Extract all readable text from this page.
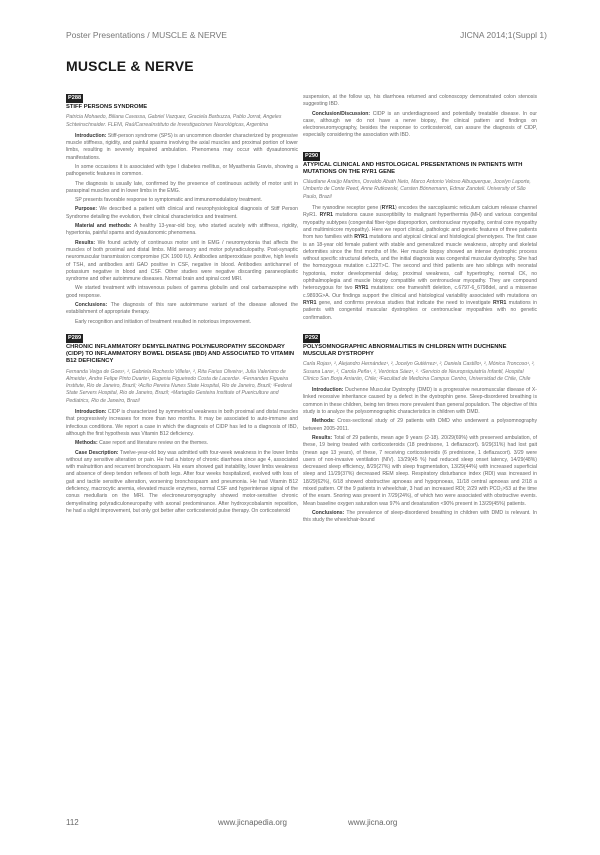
Poster Presentations / MUSCLE & NERVE	JICNA 2014;1(Suppl 1)
MUSCLE & NERVE
P288
STIFF PERSONS SYNDROME
Patricia Mohaedo, Biliana Cavassa, Gabriel Vazquez, Graciela Barbuzza, Pablo Jorrat, Angeles Schteinschnaider. FLENI, RaúlCarreaInstituto de Investigaciones Neurológicas, Argentina

Introduction: Stiff-person syndrome (SPS) is an uncommon disorder characterized by progressive muscle stiffness, rigidity, and painful spasms involving the axial muscles and proximal portion of lower limbs, resulting in severely impaired ambulation. Phenomena may occur with dysautonomic manifestations.

In some occasions it is associated with type I diabetes mellitus, or Myasthenia Gravis, showing a pathogenetic features in common.

The diagnosis is usually late, confirmed by the presence of continuous activity of motor unit in paraspinal muscles and in lower limbs in the EMG.

SP presents favorable response to symptomatic and immunomodulatory treatment.

Purpose: We described a patient with clinical and neurophysiological diagnosis of Stiff Person Syndrome detailing the evolution, their clinical characteristics and treatment.

Material and methods: A healthy 13-year-old boy, who started acutely with stiffness, rigidity, hypertonia, painful spams and dysautonomic phenomena.

Results: We found activity of continuous motor unit in EMG / neuromyotonia that affects the muscles of both proximal and distal limbs. Mild sensory and motor polyradiculopathy. Post-synaptic neuromuscular transmission compromise (CK 1900 IU). Antibodies antiperoxidase positive, high levels of TSH, and antibodies anti GAD positive in CSF, negative in blood. Antibodies antichannel of potassium negative in blood and CSF. Other studies were negative discarding paraneoplastic syndrome and other autoimmune diseases. Normal brain and spinal cord MRI.

We started treatment with intravenous pulses of gamma globulin and oral carbamazepine with good response.

Conclusions: The diagnosis of this rare autoimmune variant of the disease allowed the establishment of appropriate therapy.

Early recognition and initiation of treatment resulted in notorious improvement.

P289
CHRONIC INFLAMMATORY DEMYELINATING POLYNEUROPATHY SECONDARY (CIDP) TO INFLAMMATORY BOWEL DISEASE (IBD) AND ASSOCIATED TO VITAMIN B12 DEFICIENCY
Fernanda Veiga de Goes¹, ², Gabriela Rocheslo Villela¹, ², Rita Farias Oliveira¹, Julia Valeriano de Almeida¹, Andre Felipe Pinto Duarte¹, Eugenia Figueiredo Costa de Lacerda¹. ¹Fernandes Figueira Institute, Rio de Janeiro, Brazil; ²Acilio Pereira Nunes State Hospital, Rio de Janeiro, Brazil; ³Federal State Servers Hospital, Rio de Janeiro, Brazil; ⁴Martagão Gesteira Institute of Puericulture and Pediatrics, Rio de Janeiro, Brazil

Introduction: CIDP is characterized by symmetrical weakness in both proximal and distal muscles that progressively increases for more than two months. It may be associated to auto-immune and infectious conditions. We report a case in which the diagnosis of CIDP has led to a diagnosis of IBD, although the first hypothesis was Vitamin B12 deficiency.

Methods: Case report and literature review on the themes.

Case Description: Twelve-year-old boy was admitted with four-week weakness in the lower limbs without any sensitive alteration or pain. He had a history of chronic diarrhoea since age 4, associated with malnutrition and recurrent bronchospasm. His exam showed gait instability, lower limbs weakness and absence of deep tendon reflexes of both legs. After four weeks hospitalized, evolved with loss of gait and tactile sensitive alteration, worsening bronchospasm and pneumonia. He had Vitamin B12 deficiency, macrocytic anemia, elevated muscle enzymes, normal CSF and hyperintense signal of the conus medullaris on the MRI. The electroneuromyography showed motor-sensitive chronic demyelinating polyradiculoneuropathy with axonal predominance. After hydroxycobalamin reposition, he had a slight improvement, but only got better after corticosteroid pulse therapy. On corticosteroid

suspension, at the follow up, his diarrhoea returned and colonoscopy demonstrated colon stenosis suggesting IBD.

Conclusion/Discussion: CIDP is an underdiagnosed and potentially treatable disease. In our case, although we do not have a nerve biopsy, the clinical pattern and findings on electroneuromyography, besides the response to corticosteroid, can assure the diagnosis of CIDP, especially considering the association with IBD.

P290
ATYPICAL CLINICAL AND HISTOLOGICAL PRESENTATIONS IN PATIENTS WITH MUTATIONS ON THE RYR1 GENE
Cláudiane Araújo Martins, Osvaldo Abath Neto, Marco Antonio Veloso Albuquerque, Jocelyn Laporte, Umberto de Conte Reed, Anne Rutkowski, Carsten Bönnemann, Edmar Zanoteli. University of São Paulo, Brazil

The ryanodine receptor gene (RYR1) encodes the sarcoplasmic reticulum calcium release channel RyR1. RYR1 mutations cause susceptibility to malignant hyperthermia (MH) and various congenital myopathy subtypes (congenital fiber-type disproportion, centronuclear myopathy, central core myopathy and multiminicore myopathy). Here we report clinical, pathologic and genetic features of three patients from two families with RYR1 mutations and atypical clinical and histological phenotypes. The first case is an 18-year old female patient with stable and generalized muscle weakness, atrophy and skeletal deformities since the first months of life. Her muscle biopsy showed an intense dystrophic process without specific structural defects, and the initial diagnosis was congenital muscular dystrophy. She had the homozygous mutation c.122T>C. The second and third patients are two siblings with neonatal hypotonia, motor developmental delay, proximal weakness, calf hypertrophy, normal CK, no ophthalmoplegia and muscle biopsy compatible with centronuclear myopathy. They are compound heterozygous for two RYR1 mutations: one frameshift deletion, c.6797-6_6798del, and a missense c.9893G>A. Our findings support the clinical and histological variability associated with mutations on RYR1 gene, and confirms previous studies that indicate the need to investigate RYR1 mutations in patients with congenital muscular dystrophies or centronuclear myopathies with no genetic confirmation.

P292
POLYSOMNOGRAPHIC ABNORMALITIES IN CHILDREN WITH DUCHENNE MUSCULAR DYSTROPHY
Carla Rojas¹, ², Alejandro Hernández¹, ², Jocelyn Gutiérrez¹, ², Daniela Castillo¹, ², Mónica Troncoso¹, ², Susana Lara¹, ², Carola Peña¹, ², Verónica Sáez¹, ². ¹Servicio de Neuropsiquiatría Infantil, Hospital Clínico San Borja Arriarán, Chile; ²Facultad de Medicina Campus Centro, Universidad de Chile, Chile

Introduction: Duchenne Muscular Dystrophy (DMD) is a progressive neuromuscular disease of X-linked recessive inheritance caused by a defect in the dystrophin gene. Sleep-disordered breathing is common in these children, being ten times more prevalent than general population. The objective of this study is to analyze the polysomnographic characteristics in children with DMD.

Methods: Cross-sectional study of 29 patients with DMD who underwent a polysomnography between 2005-2011.

Results: Total of 29 patients, mean age 9 years (2-18). 20/29(69%) with preserved ambulation, of these, 19 being treated with corticosteroids (18 prednisone, 1 deflazacort). 9/29(31%) had lost gait (mean age 13 years), of these, 7 receiving corticosteroids (6 prednisone, 1 deflazacort). 3/29 were users of non-invasive ventilation (NIV). 13/29(45 %) had reduced sleep onset latency, 14/29(48%) decreased sleep efficiency, 8/29(27%) with sleep fragmentation, 13/29(44%) with increased superficial sleep and 11/29(37%) decreased REM sleep. Respiratory disturbance index (RDI) was increased in 18/29(62%), 6/18 showed obstructive apnoeas and hypopnoeas, 11/18 central apnoeas and 2/18 a mixed pattern. Of the 9 patients in wheelchair, 3 had an increased RDI; 2/29 with PCO₂>53 at the time of the exam. Snoring was present in 7/29(24%), of which two were associated with obstructive events. Mean baseline oxygen saturation was 97% and desaturation <90% present in 13/29(45%) patients.

Conclusions: The prevalence of sleep-disordered breathing in children with DMD is relevant. In this study the wheelchair-bound

112	www.jicnapedia.org	www.jicna.org
